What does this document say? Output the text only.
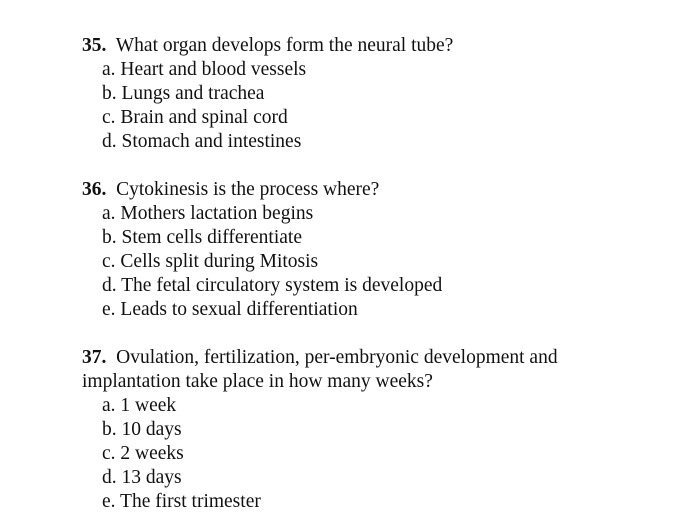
35. What organ develops form the neural tube?

a. Heart and blood vessels
b. Lungs and trachea
c. Brain and spinal cord
d. Stomach and intestines

36. Cytokinesis is the process where?

a. Mothers lactation begins
b. Stem cells differentiate
c. Cells split during Mitosis
d. The fetal circulatory system is developed
e. Leads to sexual differentiation

37. Ovulation, fertilization, per-embryonic development and implantation take place in how many weeks?

a. 1 week
b. 10 days
c. 2 weeks
d. 13 days
e. The first trimester
